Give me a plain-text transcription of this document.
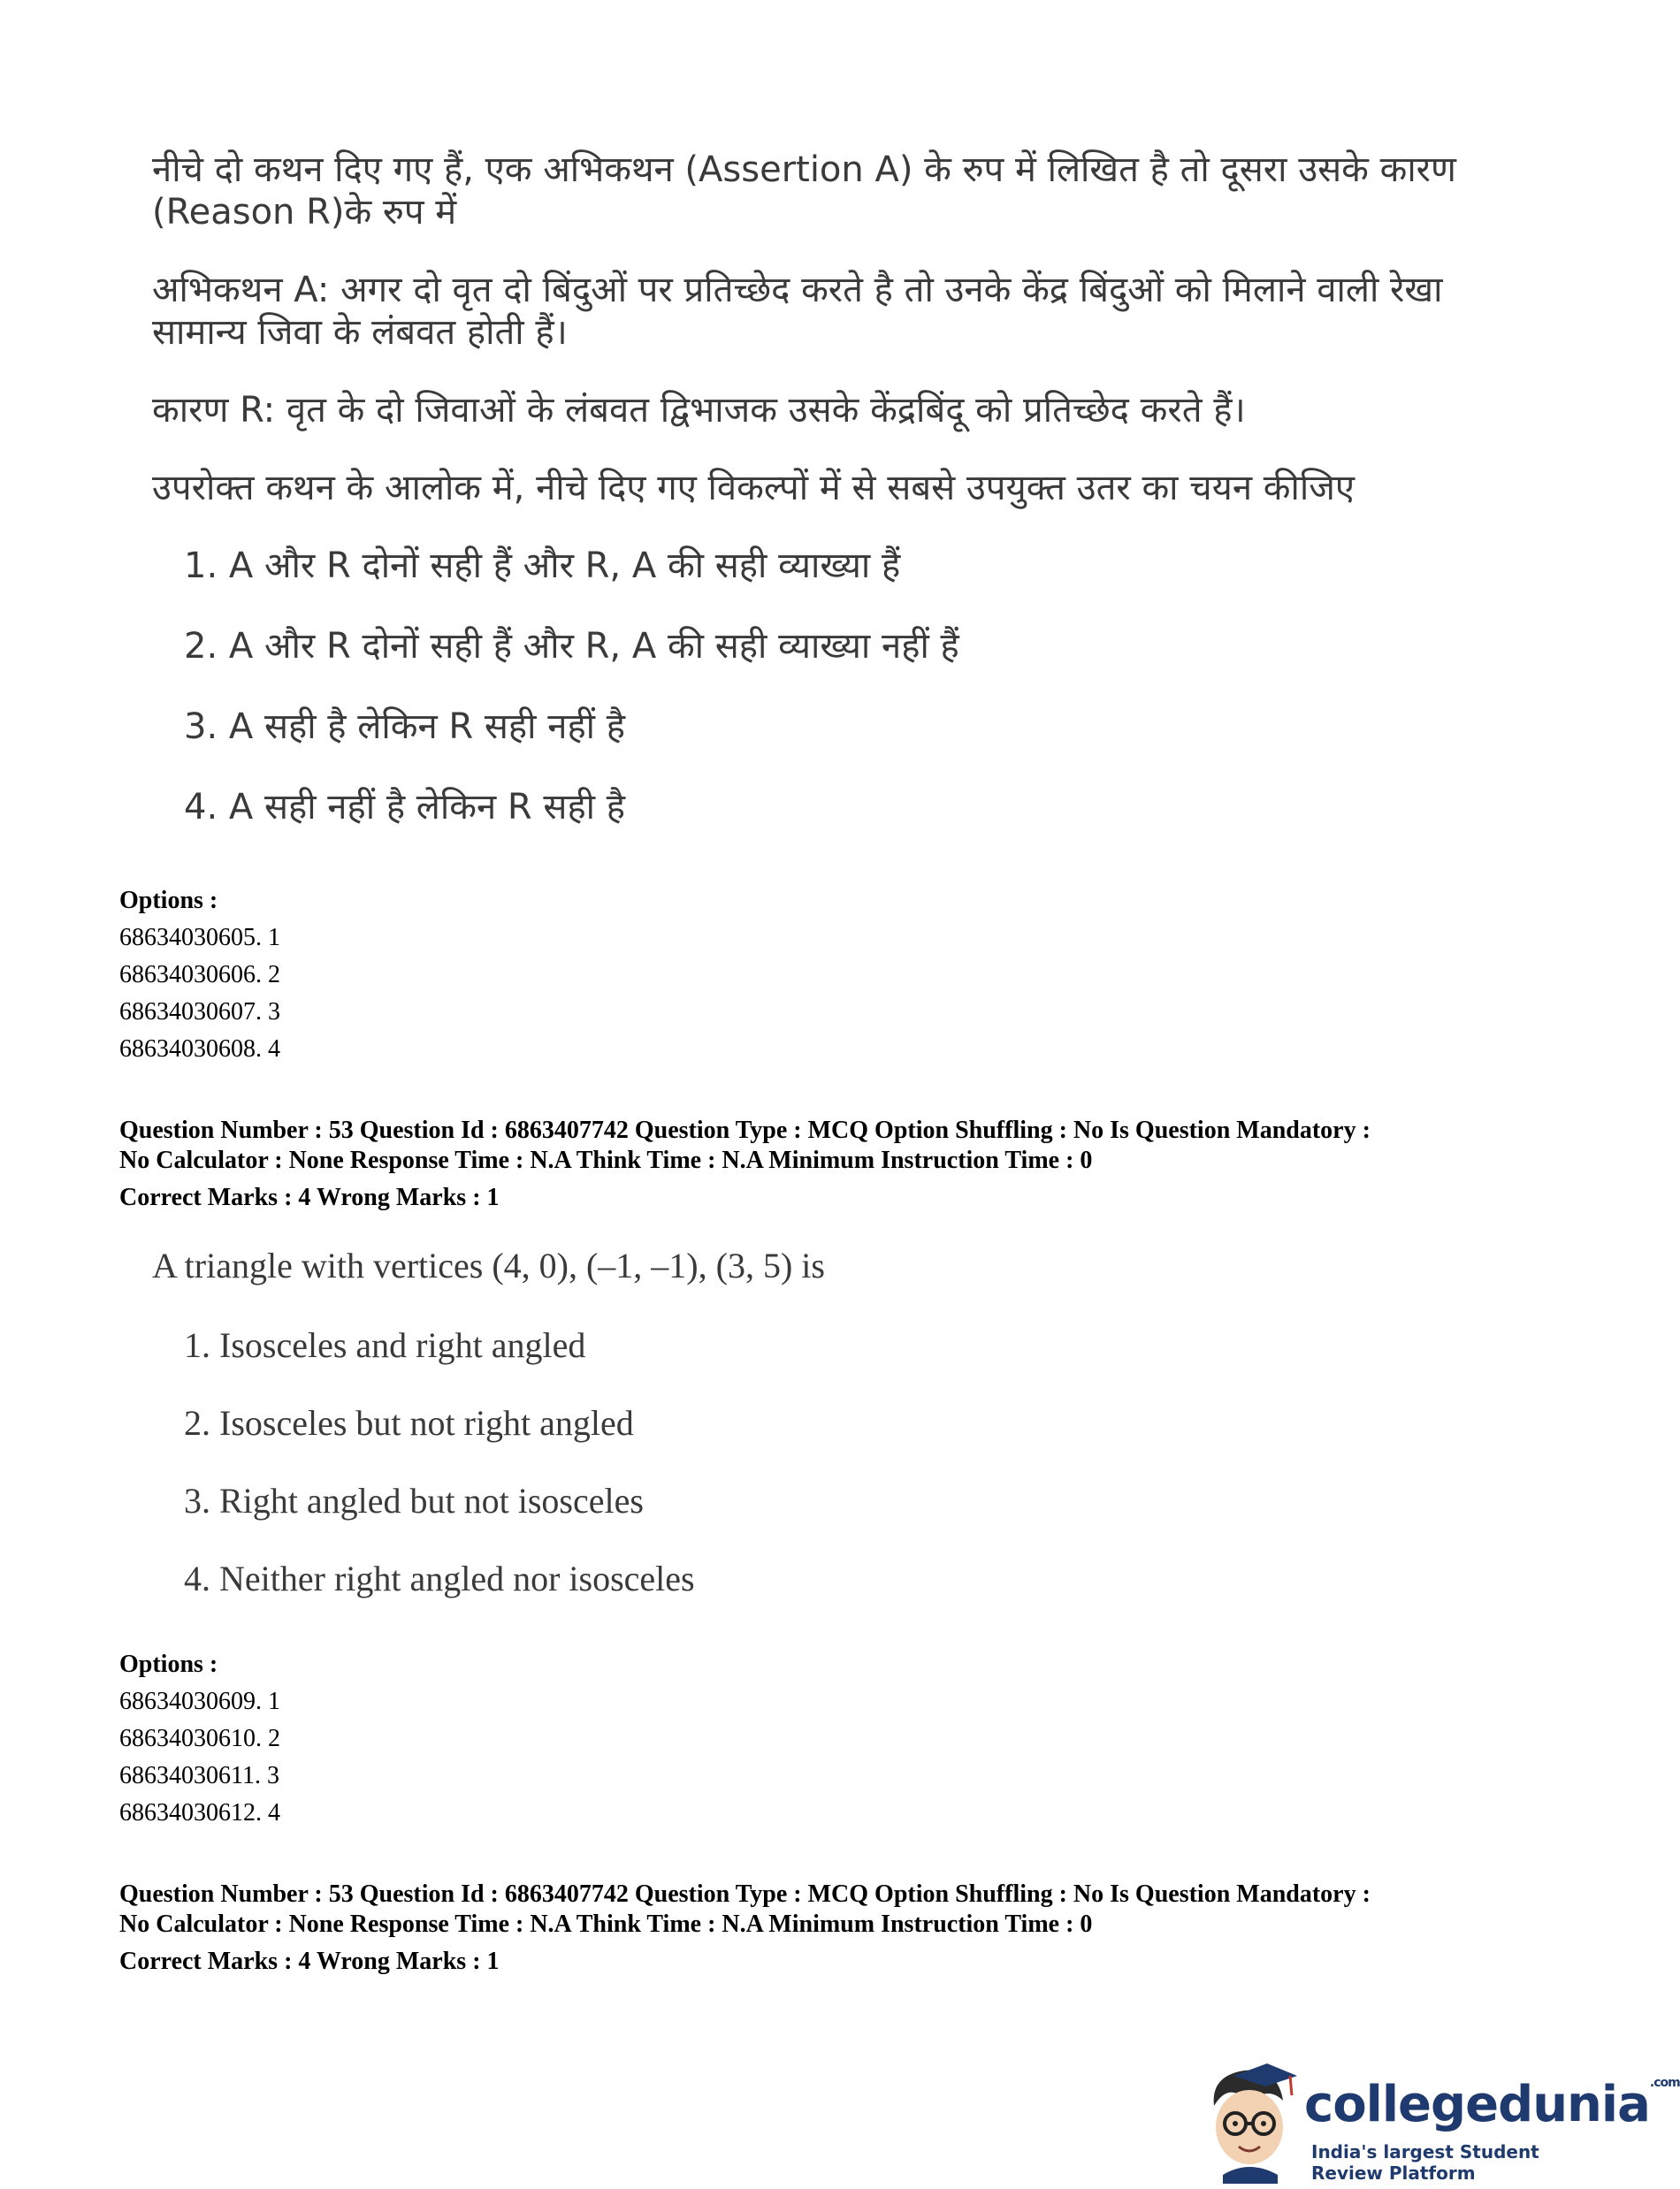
नीचे दो कथन दिए गए हैं, एक अभिकथन (Assertion A) के रुप में लिखित है तो दूसरा उसके कारण (Reason R)के रुप में

अभिकथन A: अगर दो वृत दो बिंदुओं पर प्रतिच्छेद करते है तो उनके केंद्र बिंदुओं को मिलाने वाली रेखा सामान्य जिवा के लंबवत होती हैं।

कारण R: वृत के दो जिवाओं के लंबवत द्विभाजक उसके केंद्रबिंदू को प्रतिच्छेद करते हैं।

उपरोक्त कथन के आलोक में, नीचे दिए गए विकल्पों में से सबसे उपयुक्त उतर का चयन कीजिए

1. A और R दोनों सही हैं और R, A की सही व्याख्या हैं
2. A और R दोनों सही हैं और R, A की सही व्याख्या नहीं हैं
3. A सही है लेकिन R सही नहीं है
4. A सही नहीं है लेकिन R सही है
Options :
68634030605. 1
68634030606. 2
68634030607. 3
68634030608. 4
Question Number : 53 Question Id : 6863407742 Question Type : MCQ Option Shuffling : No Is Question Mandatory :
No Calculator : None Response Time : N.A Think Time : N.A Minimum Instruction Time : 0
Correct Marks : 4 Wrong Marks : 1

A triangle with vertices (4, 0), (–1, –1), (3, 5) is

1. Isosceles and right angled
2. Isosceles but not right angled
3. Right angled but not isosceles
4. Neither right angled nor isosceles
Options :
68634030609. 1
68634030610. 2
68634030611. 3
68634030612. 4
Question Number : 53 Question Id : 6863407742 Question Type : MCQ Option Shuffling : No Is Question Mandatory :
No Calculator : None Response Time : N.A Think Time : N.A Minimum Instruction Time : 0
Correct Marks : 4 Wrong Marks : 1
collegedunia$^{.com}$
India's largest Student Review Platform
